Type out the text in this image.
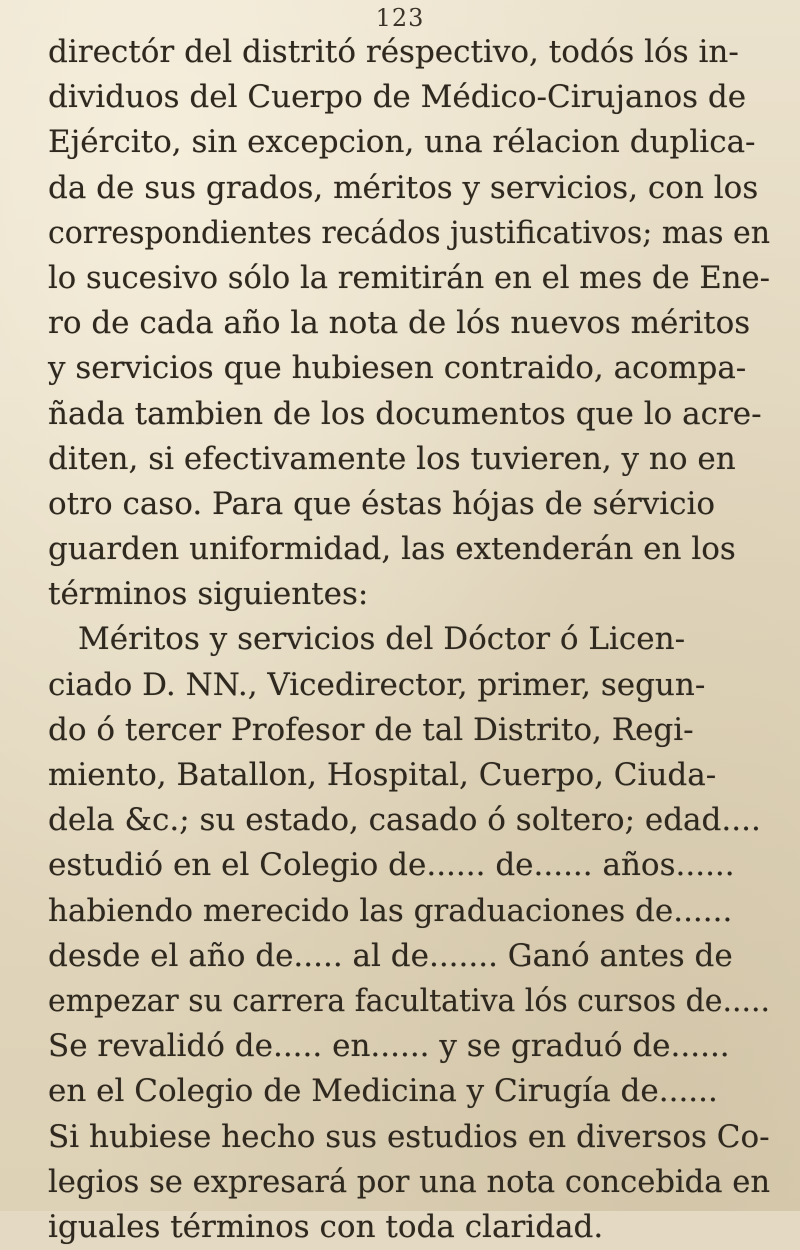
123
directór del distritó réspectivo, todós lós in-
dividuos del Cuerpo de Médico-Cirujanos de
Ejército, sin excepcion, una rélacion duplica-
da de sus grados, méritos y servicios, con los
correspondientes recádos justificativos; mas en
lo sucesivo sólo la remitirán en el mes de Ene-
ro de cada año la nota de lós nuevos méritos
y servicios que hubiesen contraido, acompa-
ñada tambien de los documentos que lo acre-
diten, si efectivamente los tuvieren, y no en
otro caso. Para que éstas hójas de sérvicio
guarden uniformidad, las extenderán en los
términos siguientes:
Méritos y servicios del Dóctor ó Licen-
ciado D. NN., Vicedirector, primer, segun-
do ó tercer Profesor de tal Distrito, Regi-
miento, Batallon, Hospital, Cuerpo, Ciuda-
dela &c.; su estado, casado ó soltero; edad....
estudió en el Colegio de...... de...... años......
habiendo merecido las graduaciones de......
desde el año de..... al de....... Ganó antes de
empezar su carrera facultativa lós cursos de.....
Se revalidó de..... en...... y se graduó de......
en el Colegio de Medicina y Cirugía de......
Si hubiese hecho sus estudios en diversos Co-
legios se expresará por una nota concebida en
iguales términos con toda claridad.
